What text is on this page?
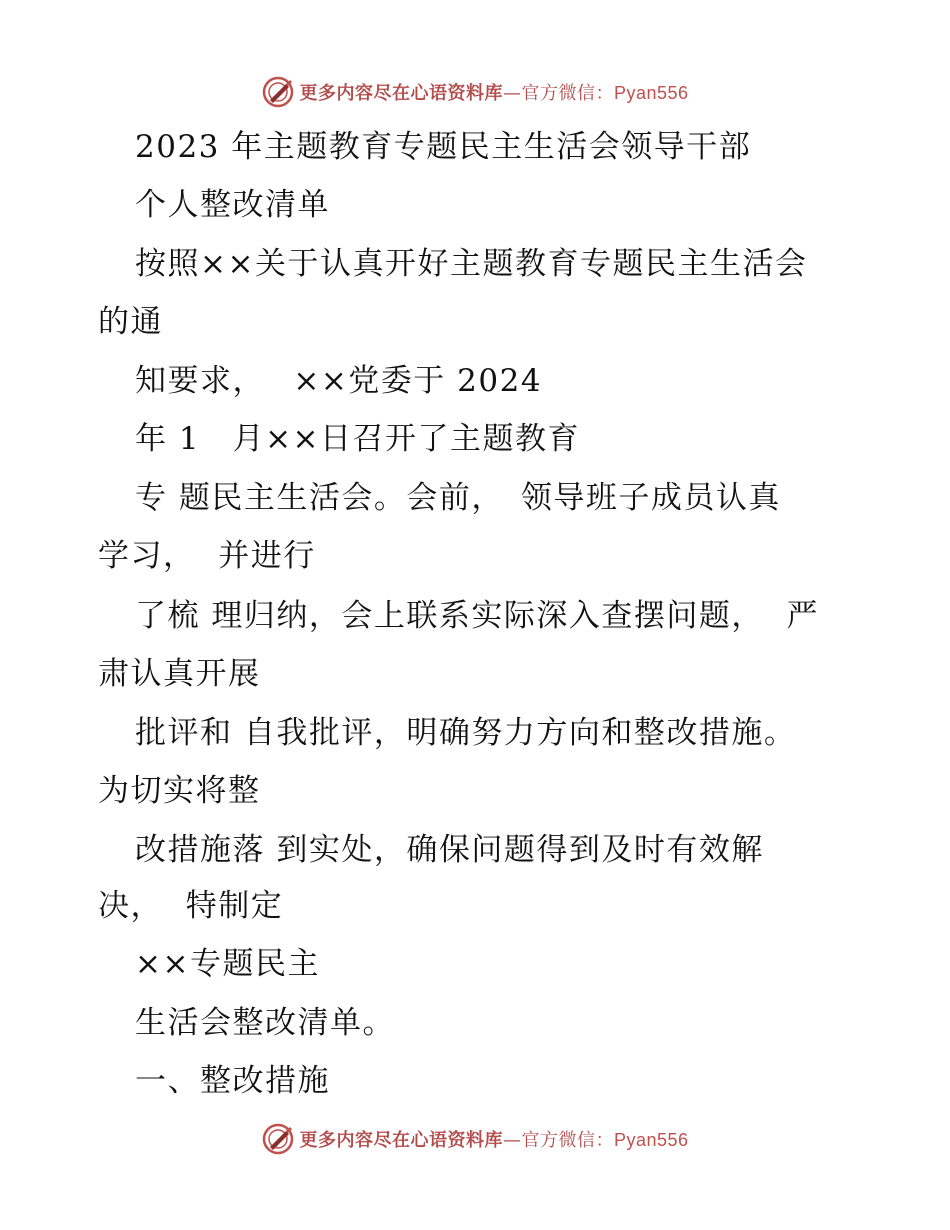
更多内容尽在心语资料库—官方微信：Pyan556
2023 年主题教育专题民主生活会领导干部
个人整改清单
按照××关于认真开好主题教育专题民主生活会
的通
知要求，　 ××党委于 2024
年 1　月××日召开了主题教育
专 题民主生活会。会前，　领导班子成员认真
学习，  并进行
了梳 理归纳，会上联系实际深入查摆问题，  严
肃认真开展
批评和 自我批评，明确努力方向和整改措施。
为切实将整
改措施落 到实处，确保问题得到及时有效解
决，  特制定
××专题民主
生活会整改清单。
一、整改措施
更多内容尽在心语资料库—官方微信：Pyan556
